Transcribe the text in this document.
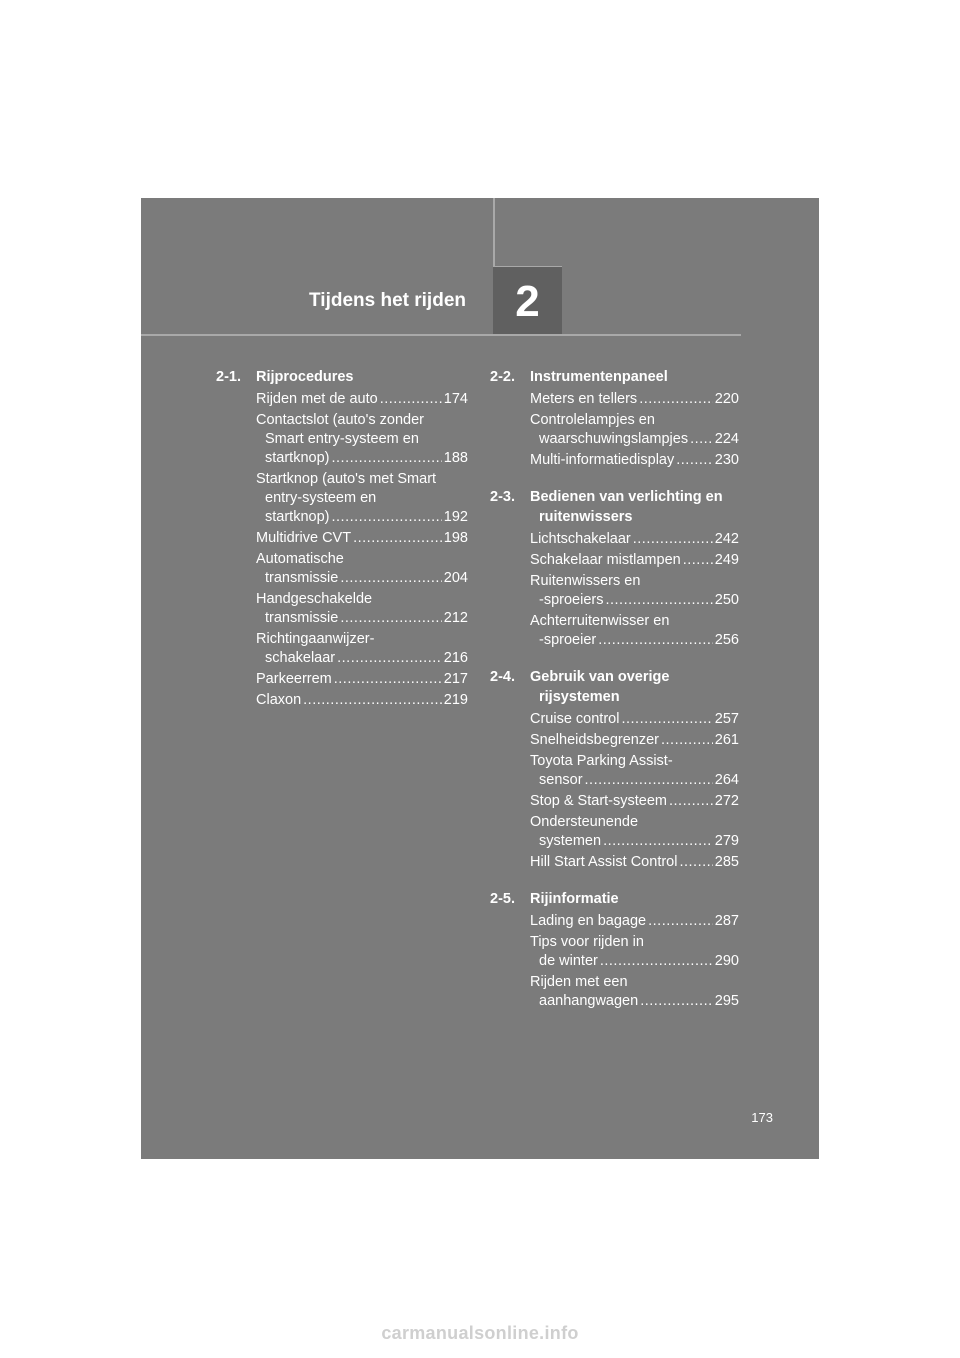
Tijdens het rijden	2
2-1.	Rijprocedures
Rijden met de auto .....	174
Contactslot (auto's zonder
Smart entry-systeem en
startknop) .....	188
Startknop (auto's met Smart
entry-systeem en
startknop) .....	192
Multidrive CVT .....	198
Automatische
transmissie .....	204
Handgeschakelde
transmissie .....	212
Richtingaanwijzer-
schakelaar .....	216
Parkeerrem .....	217
Claxon .....	219
2-2.	Instrumentenpaneel
Meters en tellers .....	220
Controlelampjes en
waarschuwingslampjes ..... 224
Multi-informatiedisplay .....	230
2-3.	Bedienen van verlichting en
ruitenwissers
Lichtschakelaar .....	242
Schakelaar mistlampen ..... 249
Ruitenwissers en
-sproeiers .....	250
Achterruitenwisser en
-sproeier .....	256
2-4.	Gebruik van overige
rijsystemen
Cruise control .....	257
Snelheidsbegrenzer .....	261
Toyota Parking Assist-
sensor .....	264
Stop & Start-systeem .....	272
Ondersteunende
systemen .....	279
Hill Start Assist Control .....	285
2-5.	Rijinformatie
Lading en bagage .....	287
Tips voor rijden in
de winter .....	290
Rijden met een
aanhangwagen .....	295
173
carmanualsonline.info
